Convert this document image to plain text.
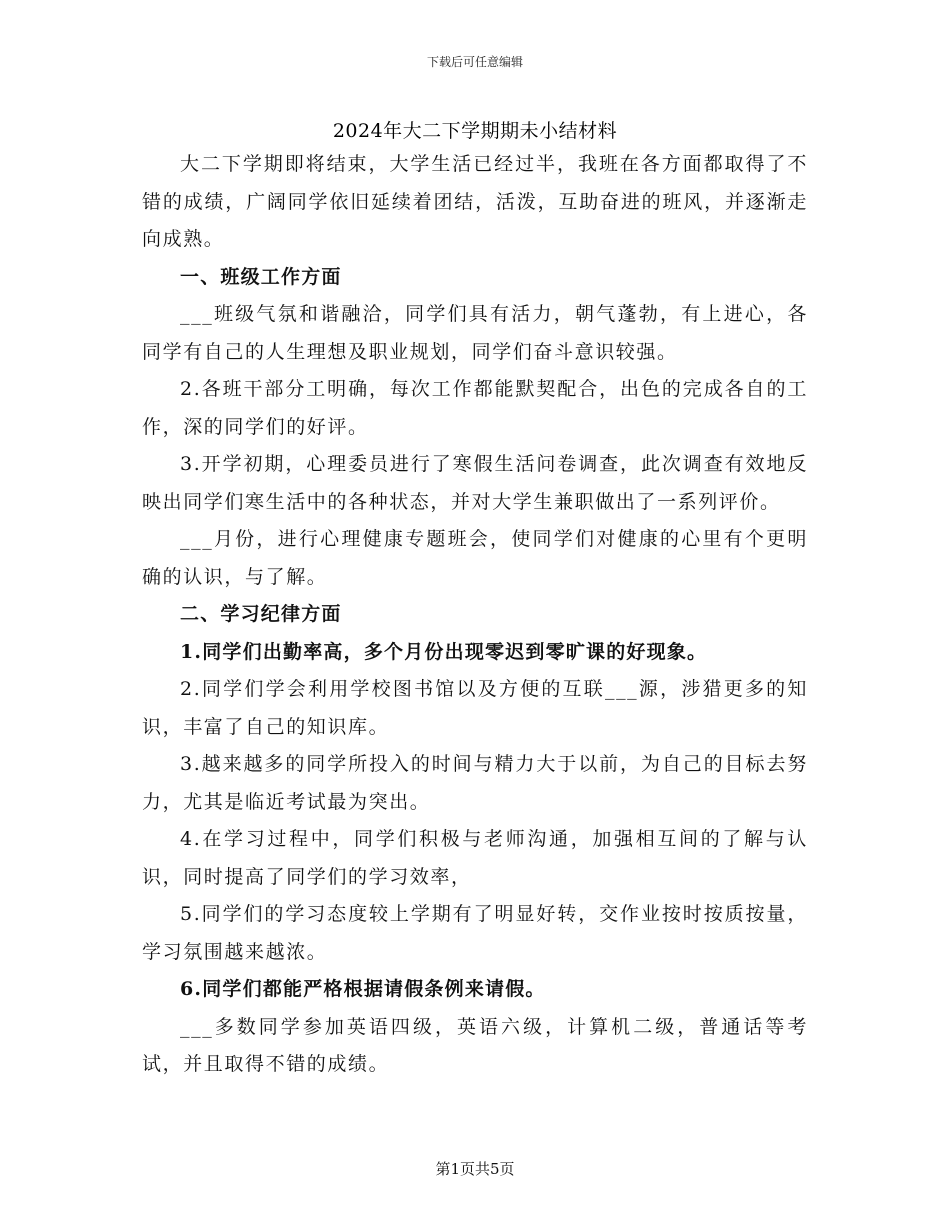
下载后可任意编辑
2024年大二下学期期未小结材料

大二下学期即将结束，大学生活已经过半，我班在各方面都取得了不错的成绩，广阔同学依旧延续着团结，活泼，互助奋进的班风，并逐渐走向成熟。

一、班级工作方面

___班级气氛和谐融洽，同学们具有活力，朝气蓬勃，有上进心，各同学有自己的人生理想及职业规划，同学们奋斗意识较强。

2.各班干部分工明确，每次工作都能默契配合，出色的完成各自的工作，深的同学们的好评。

3.开学初期，心理委员进行了寒假生活问卷调查，此次调查有效地反映出同学们寒生活中的各种状态，并对大学生兼职做出了一系列评价。

___月份，进行心理健康专题班会，使同学们对健康的心里有个更明确的认识，与了解。

二、学习纪律方面

1.同学们出勤率高，多个月份出现零迟到零旷课的好现象。

2.同学们学会利用学校图书馆以及方便的互联___源，涉猎更多的知识，丰富了自己的知识库。

3.越来越多的同学所投入的时间与精力大于以前，为自己的目标去努力，尤其是临近考试最为突出。

4.在学习过程中，同学们积极与老师沟通，加强相互间的了解与认识，同时提高了同学们的学习效率，

5.同学们的学习态度较上学期有了明显好转，交作业按时按质按量，学习氛围越来越浓。

6.同学们都能严格根据请假条例来请假。

___多数同学参加英语四级，英语六级，计算机二级，普通话等考试，并且取得不错的成绩。

第1页共5页
